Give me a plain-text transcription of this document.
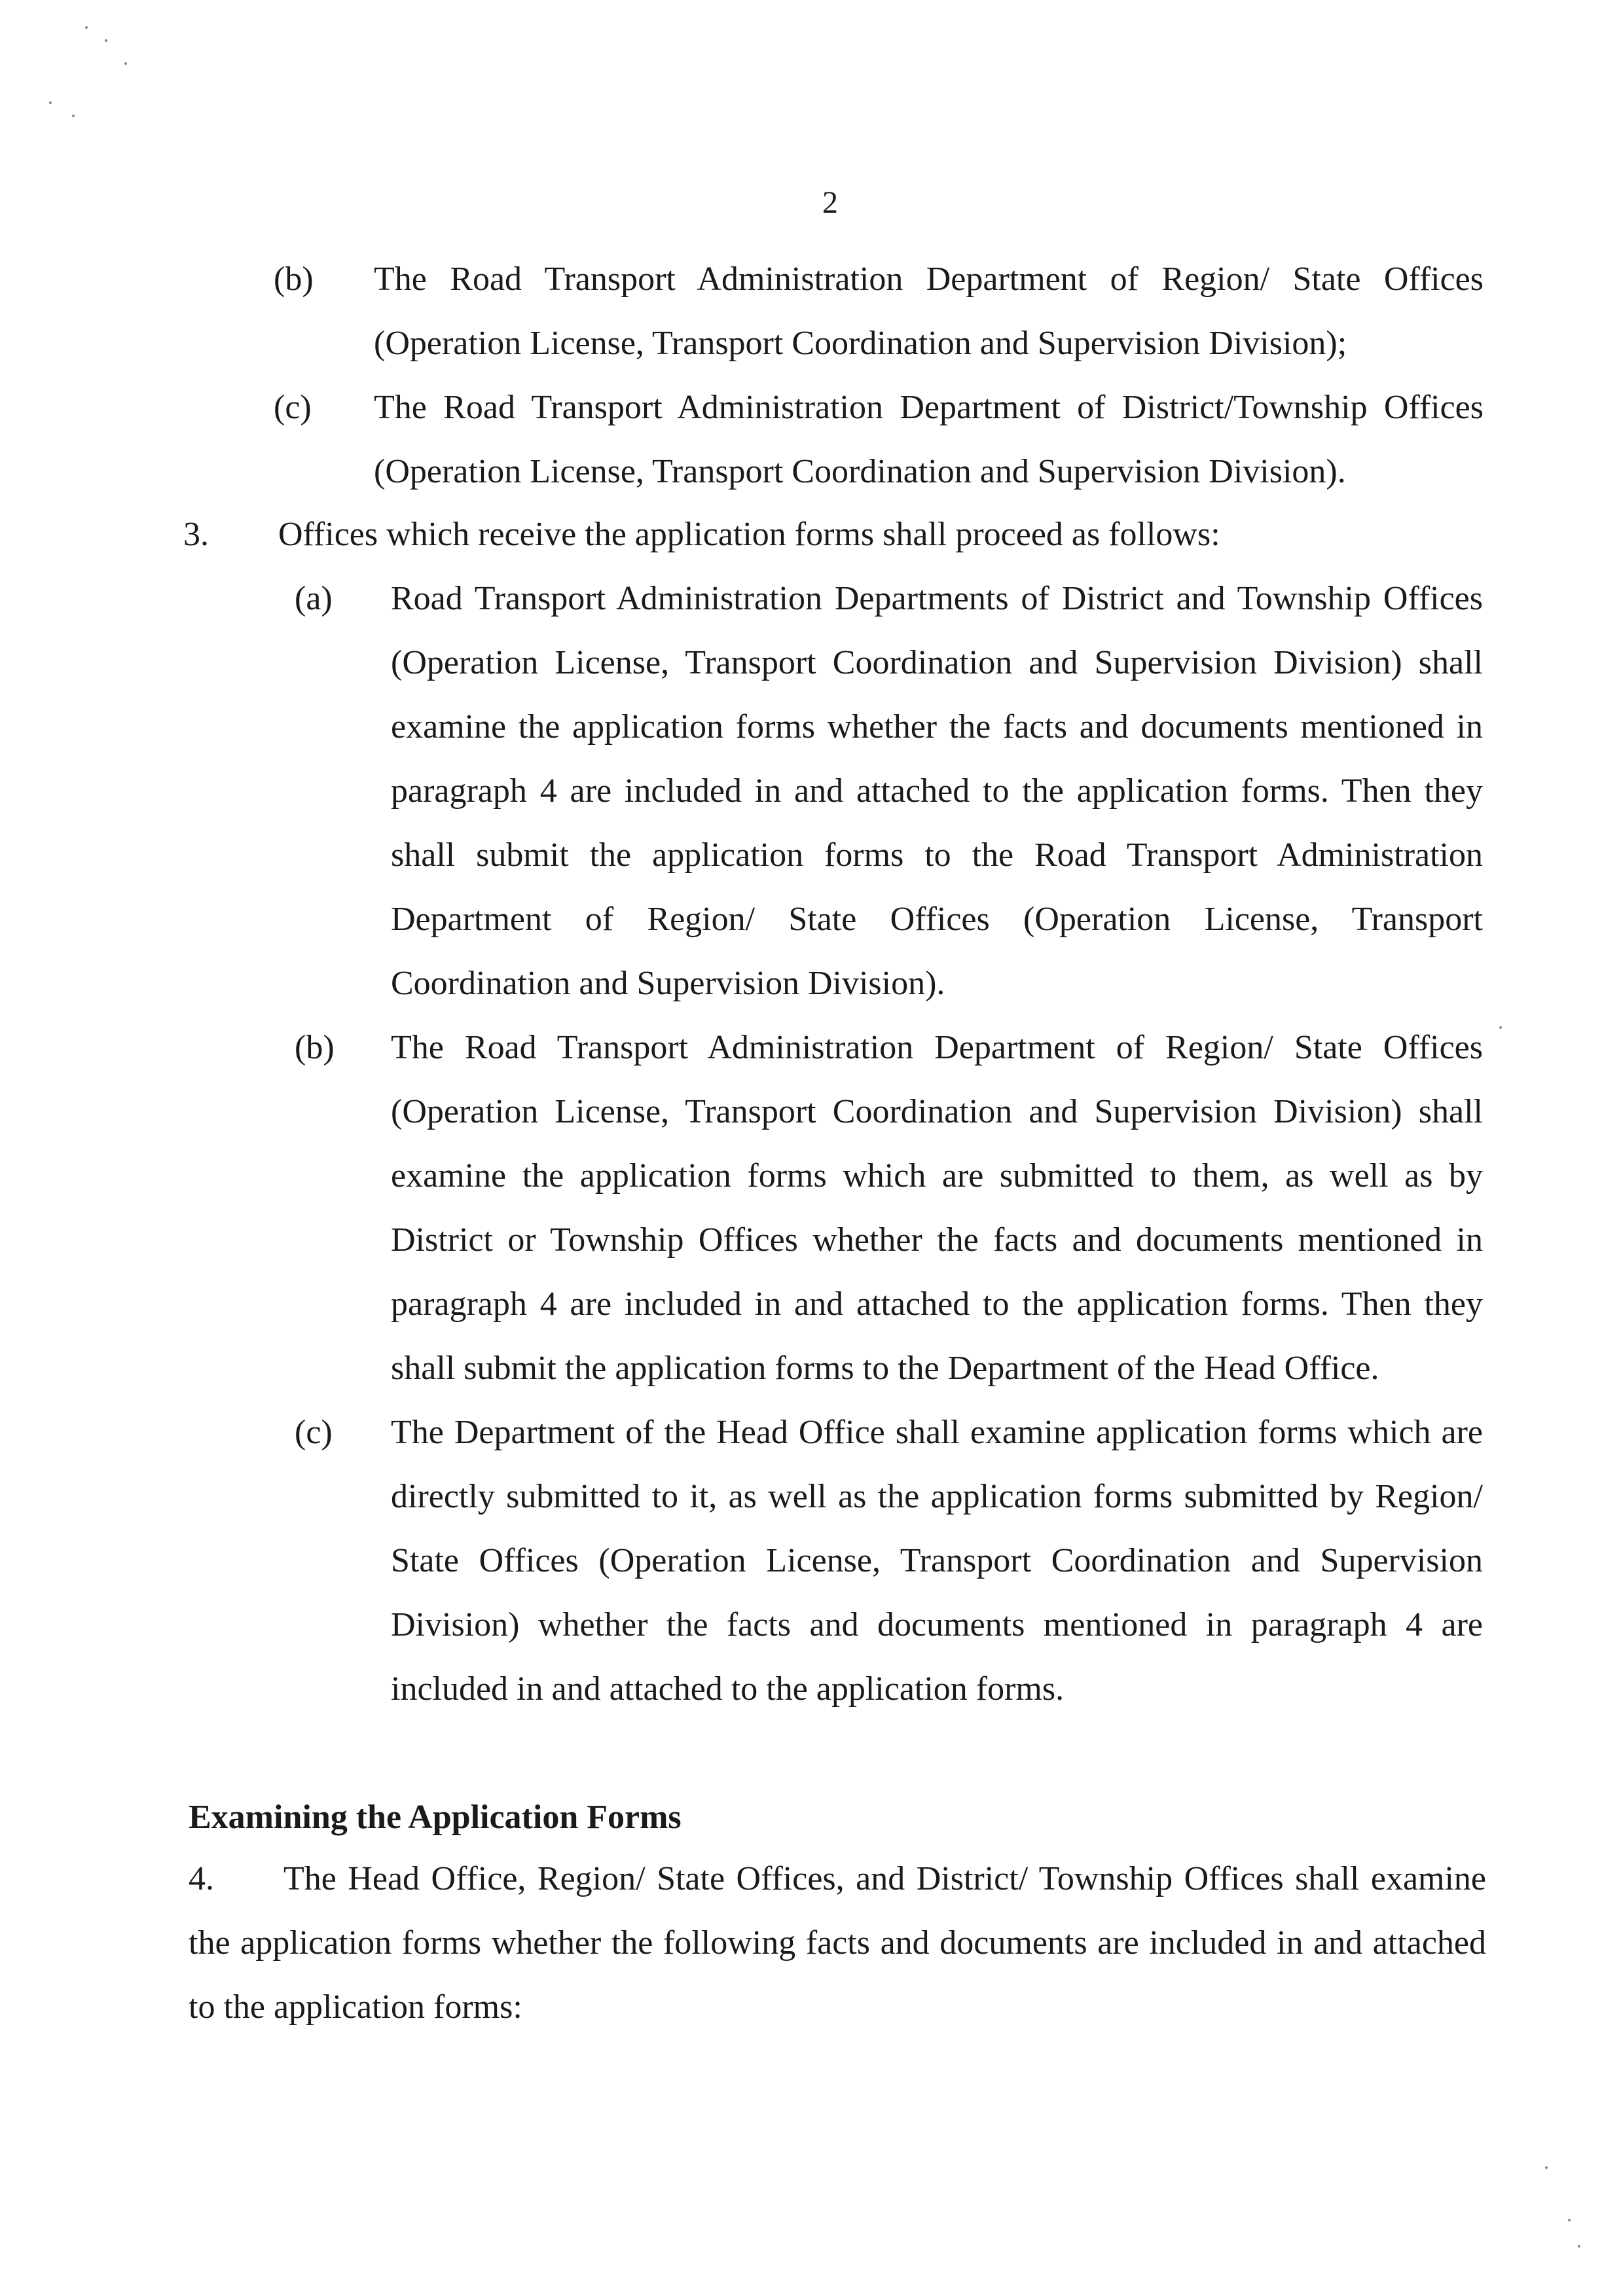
2
(b)	The Road Transport Administration Department of Region/ State Offices (Operation License, Transport Coordination and Supervision Division);
(c)	The Road Transport Administration Department of District/Township Offices (Operation License, Transport Coordination and Supervision Division).
3.	Offices which receive the application forms shall proceed as follows:
(a)	Road Transport Administration Departments of District and Township Offices (Operation License, Transport Coordination and Supervision Division) shall examine the application forms whether the facts and documents mentioned in paragraph 4 are included in and attached to the application forms. Then they shall submit the application forms to the Road Transport Administration Department of Region/ State Offices (Operation License, Transport Coordination and Supervision Division).
(b)	The Road Transport Administration Department of Region/ State Offices (Operation License, Transport Coordination and Supervision Division) shall examine the application forms which are submitted to them, as well as by District or Township Offices whether the facts and documents mentioned in paragraph 4 are included in and attached to the application forms. Then they shall submit the application forms to the Department of the Head Office.
(c)	The Department of the Head Office shall examine application forms which are directly submitted to it, as well as the application forms submitted by Region/ State Offices (Operation License, Transport Coordination and Supervision Division) whether the facts and documents mentioned in paragraph 4 are included in and attached to the application forms.
Examining the Application Forms
4. The Head Office, Region/ State Offices, and District/ Township Offices shall examine the application forms whether the following facts and documents are included in and attached to the application forms:
